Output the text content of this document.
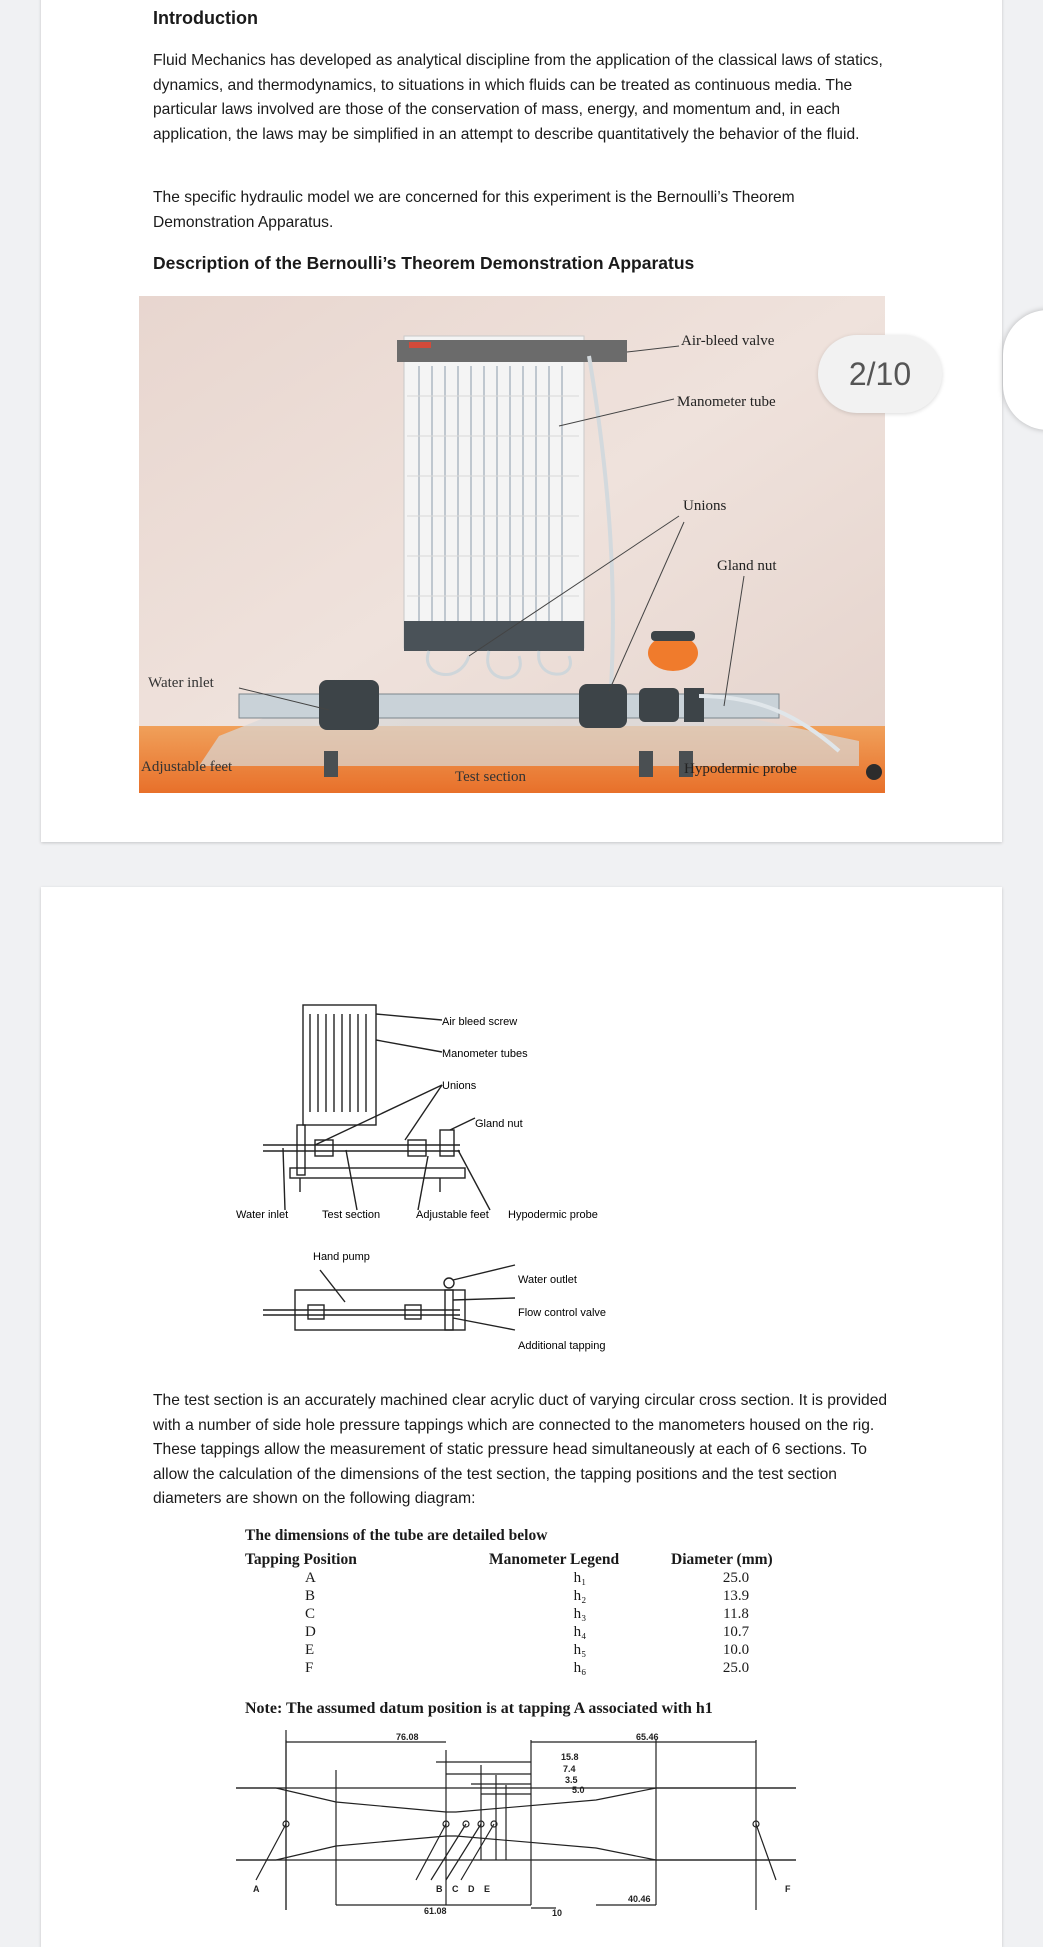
Introduction

Fluid Mechanics has developed as analytical discipline from the application of the classical laws of statics, dynamics, and thermodynamics, to situations in which fluids can be treated as continuous media. The particular laws involved are those of the conservation of mass, energy, and momentum and, in each application, the laws may be simplified in an attempt to describe quantitatively the behavior of the fluid.

The specific hydraulic model we are concerned for this experiment is the Bernoulli’s Theorem Demonstration Apparatus.

Description of the Bernoulli’s Theorem Demonstration Apparatus
Air-bleed valve
Manometer tube
Unions
Gland nut
Water inlet
Adjustable feet
Test section	Hypodermic probe
2/10
Air bleed screw
Manometer tubes
Unions
Gland nut
Water inlet	Test section	Adjustable feet Hypodermic probe
Hand pump
Water outlet
Flow control valve
Additional tapping

The test section is an accurately machined clear acrylic duct of varying circular cross section. It is provided with a number of side hole pressure tappings which are connected to the manometers housed on the rig. These tappings allow the measurement of static pressure head simultaneously at each of 6 sections. To allow the calculation of the dimensions of the test section, the tapping positions and the test section diameters are shown on the following diagram:

The dimensions of the tube are detailed below
Tapping Position	Manometer Legend	Diameter (mm)
A	h₁	25.0
B	h₂	13.9
C	h₃	11.8
D	h₄	10.7
E	h₅	10.0
F	h₆	25.0
Note: The assumed datum position is at tapping A associated with h1
76.08	65.46
15.8
7.4
3.5
5.0
61.08	10
40.46
A	B C D E	F
